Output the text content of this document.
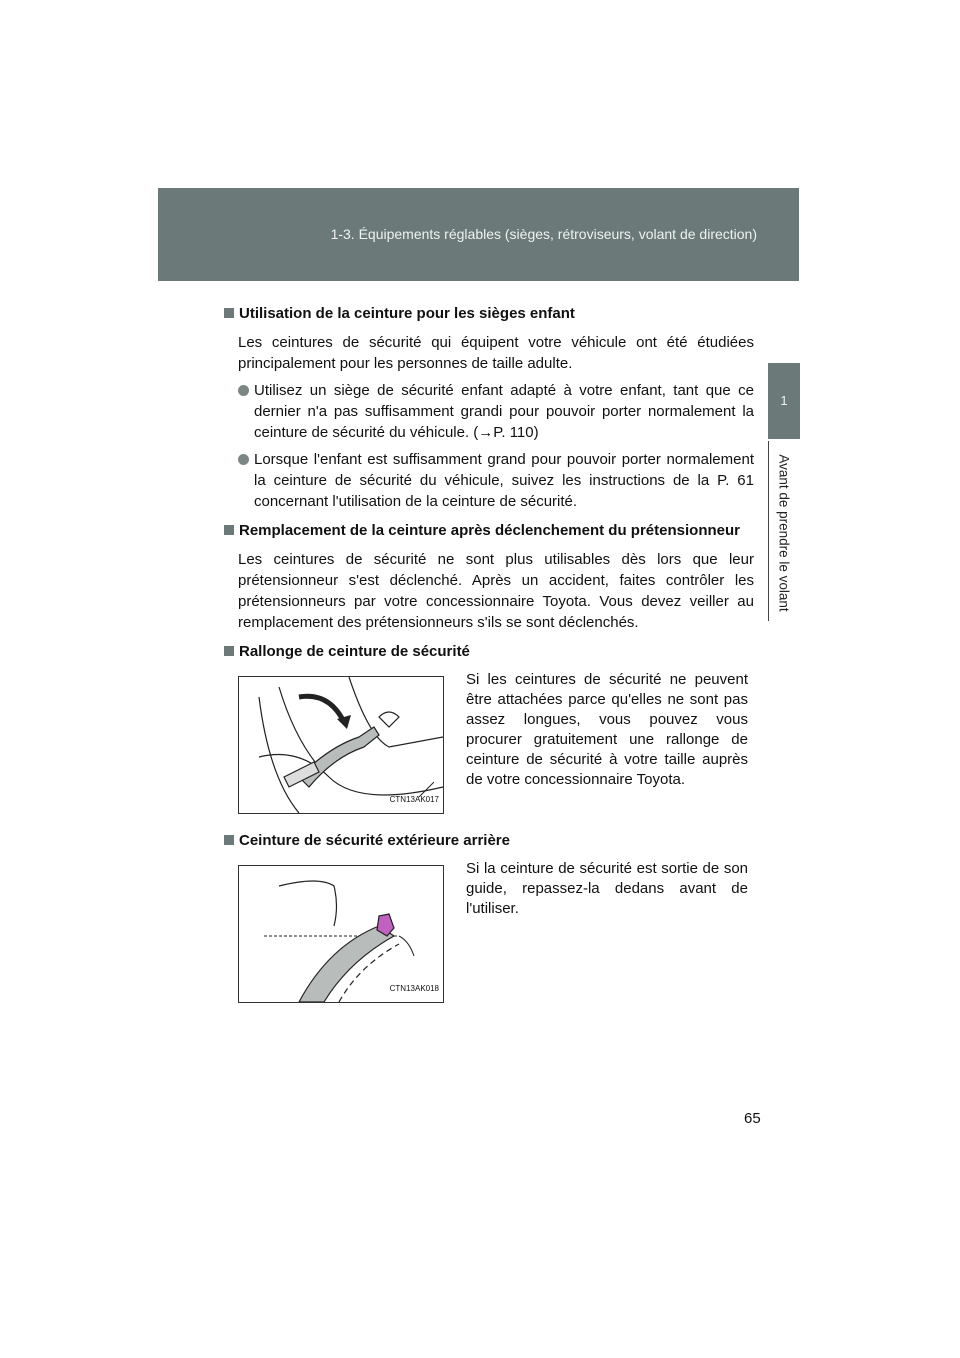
1-3. Équipements réglables (sièges, rétroviseurs, volant de direction)
1
Avant de prendre le volant

Utilisation de la ceinture pour les sièges enfant

Les ceintures de sécurité qui équipent votre véhicule ont été étudiées principalement pour les personnes de taille adulte.

Utilisez un siège de sécurité enfant adapté à votre enfant, tant que ce dernier n'a pas suffisamment grandi pour pouvoir porter normalement la ceinture de sécurité du véhicule. (→P. 110)
Lorsque l'enfant est suffisamment grand pour pouvoir porter normalement la ceinture de sécurité du véhicule, suivez les instructions de la P. 61 concernant l'utilisation de la ceinture de sécurité.

Remplacement de la ceinture après déclenchement du prétensionneur

Les ceintures de sécurité ne sont plus utilisables dès lors que leur prétensionneur s'est déclenché. Après un accident, faites contrôler les prétensionneurs par votre concessionnaire Toyota. Vous devez veiller au remplacement des prétensionneurs s'ils se sont déclenchés.

Rallonge de ceinture de sécurité

CTN13AK017
Si les ceintures de sécurité ne peuvent être attachées parce qu'elles ne sont pas assez longues, vous pouvez vous procurer gratuitement une rallonge de ceinture de sécurité à votre taille auprès de votre concessionnaire Toyota.

Ceinture de sécurité extérieure arrière

CTN13AK018
Si la ceinture de sécurité est sortie de son guide, repassez-la dedans avant de l'utiliser.
65
